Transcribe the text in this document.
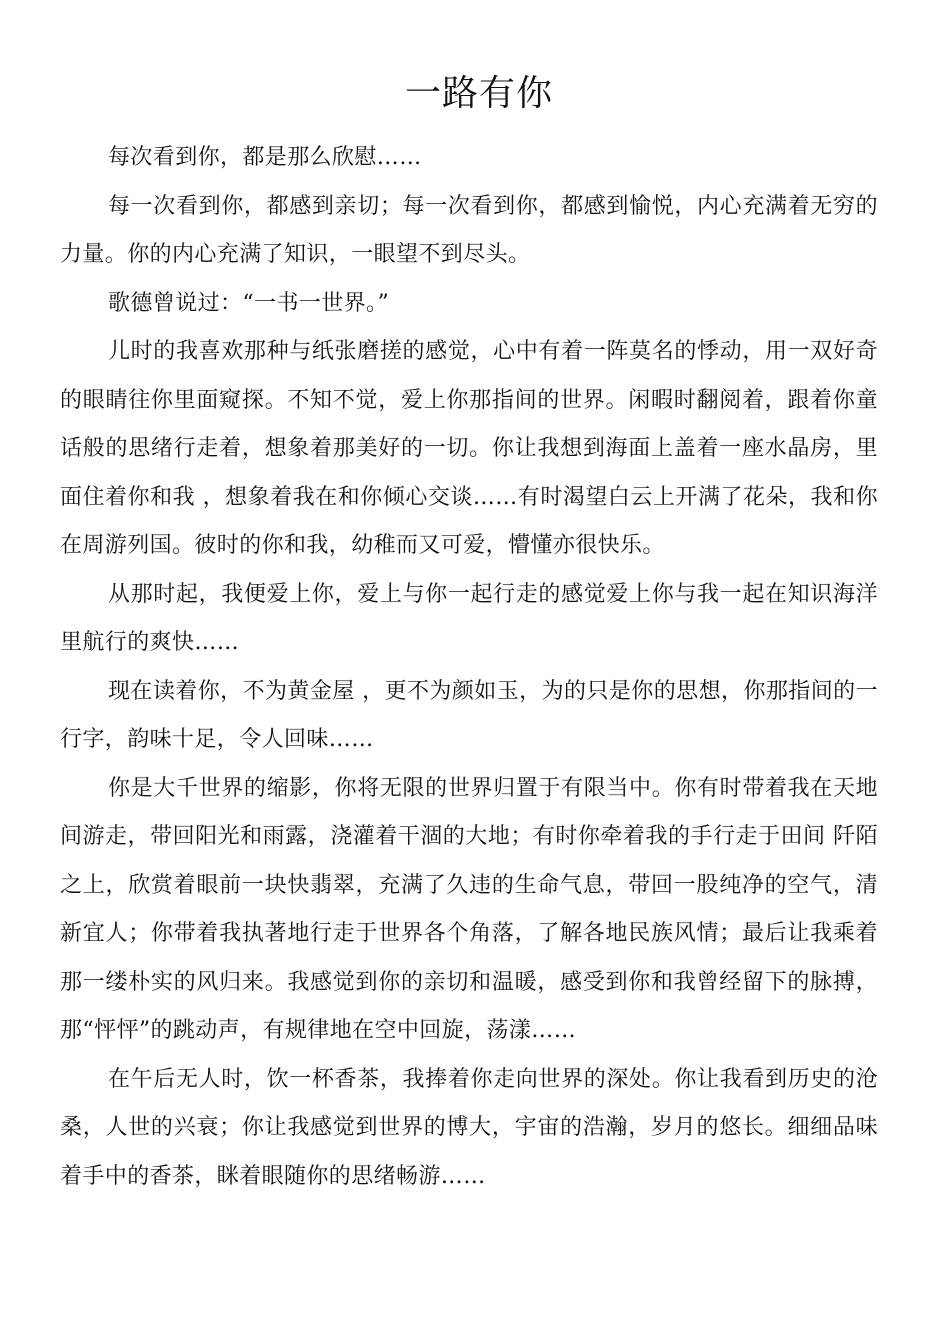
一路有你

每次看到你，都是那么欣慰……

每一次看到你，都感到亲切；每一次看到你，都感到愉悦，内心充满着无穷的力量。你的内心充满了知识，一眼望不到尽头。

歌德曾说过：“一书一世界。”

儿时的我喜欢那种与纸张磨搓的感觉，心中有着一阵莫名的悸动，用一双好奇的眼睛往你里面窥探。不知不觉，爱上你那指间的世界。闲暇时翻阅着，跟着你童话般的思绪行走着，想象着那美好的一切。你让我想到海面上盖着一座水晶房，里面住着你和我 ，想象着我在和你倾心交谈……有时渴望白云上开满了花朵，我和你在周游列国。彼时的你和我，幼稚而又可爱，懵懂亦很快乐。

从那时起，我便爱上你，爱上与你一起行走的感觉爱上你与我一起在知识海洋里航行的爽快……

现在读着你，不为黄金屋 ，更不为颜如玉，为的只是你的思想，你那指间的一行字，韵味十足，令人回味……

你是大千世界的缩影，你将无限的世界归置于有限当中。你有时带着我在天地间游走，带回阳光和雨露，浇灌着干涸的大地；有时你牵着我的手行走于田间 阡陌之上，欣赏着眼前一块快翡翠，充满了久违的生命气息，带回一股纯净的空气，清新宜人；你带着我执著地行走于世界各个角落，了解各地民族风情；最后让我乘着那一缕朴实的风归来。我感觉到你的亲切和温暖，感受到你和我曾经留下的脉搏，那“怦怦”的跳动声，有规律地在空中回旋，荡漾……

在午后无人时，饮一杯香茶，我捧着你走向世界的深处。你让我看到历史的沧桑，人世的兴衰；你让我感觉到世界的博大，宇宙的浩瀚，岁月的悠长。细细品味着手中的香茶，眯着眼随你的思绪畅游……
